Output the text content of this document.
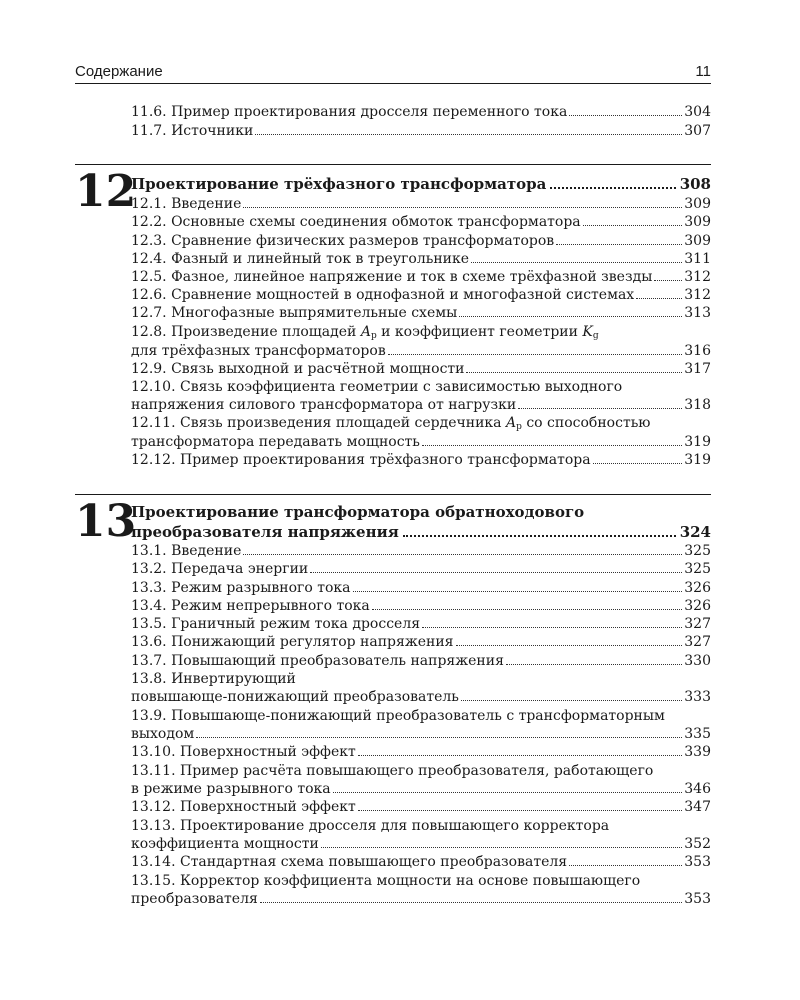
Содержание	11
11.6. Пример проектирования дросселя переменного тока	304
11.7. Источники	307
12
Проектирование трёхфазного трансформатора	308
12.1. Введение	309
12.2. Основные схемы соединения обмоток трансформатора	309
12.3. Сравнение физических размеров трансформаторов	309
12.4. Фазный и линейный ток в треугольнике	311
12.5. Фазное, линейное напряжение и ток в схеме трёхфазной звезды 312
12.6. Сравнение мощностей в однофазной и многофазной системах	312
12.7. Многофазные выпрямительные схемы	313
12.8. Произведение площадей $A_p$ и коэффициент геометрии $K_g$
для трёхфазных трансформаторов	316
12.9. Связь выходной и расчётной мощности	317
12.10. Связь коэффициента геометрии с зависимостью выходного
напряжения силового трансформатора от нагрузки	318
12.11. Связь произведения площадей сердечника $A_p$ со способностью
трансформатора передавать мощность	319
12.12. Пример проектирования трёхфазного трансформатора	319
13
Проектирование трансформатора обратноходового
преобразователя напряжения	324
13.1. Введение	325
13.2. Передача энергии	325
13.3. Режим разрывного тока	326
13.4. Режим непрерывного тока	326
13.5. Граничный режим тока дросселя	327
13.6. Понижающий регулятор напряжения	327
13.7. Повышающий преобразователь напряжения	330
13.8. Инвертирующий
повышающе-понижающий преобразователь	333
13.9. Повышающе-понижающий преобразователь с трансформаторным
выходом	335
13.10. Поверхностный эффект	339
13.11. Пример расчёта повышающего преобразователя, работающего
в режиме разрывного тока	346
13.12. Поверхностный эффект	347
13.13. Проектирование дросселя для повышающего корректора
коэффициента мощности	352
13.14. Стандартная схема повышающего преобразователя	353
13.15. Корректор коэффициента мощности на основе повышающего
преобразователя	353
